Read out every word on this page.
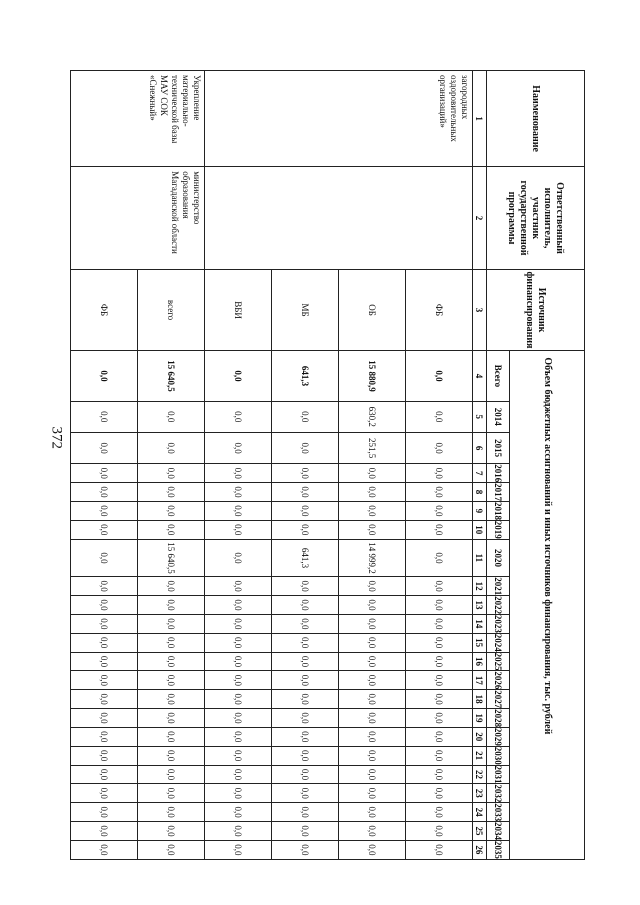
372
Наименование	Ответственный исполнитель, участник государственной программы	Источник финансирования	Объем бюджетных ассигнований и иных источников финансирования, тыс. рублей																						
			Всего	2014	2015	2016	2017	2018	2019	2020	2021	2022	2023	2024	2025	2026	2027	2028	2029	2030	2031	2032	2033	2034	2035
1	2	3	4	5	6	7	8	9	10	11	12	13	14	15	16	17	18	19	20	21	22	23	24	25	26
загородных оздоровительных организаций»		ФБ	0,0	0,0	0,0	0,0	0,0	0,0	0,0	0,0	0,0	0,0	0,0	0,0	0,0	0,0	0,0	0,0	0,0	0,0	0,0	0,0	0,0	0,0	0,0
		ОБ	15 880,9	630,2	251,5	0,0	0,0	0,0	0,0	14 999,2	0,0	0,0	0,0	0,0	0,0	0,0	0,0	0,0	0,0	0,0	0,0	0,0	0,0	0,0	0,0
		МБ	641,3	0,0	0,0	0,0	0,0	0,0	0,0	641,3	0,0	0,0	0,0	0,0	0,0	0,0	0,0	0,0	0,0	0,0	0,0	0,0	0,0	0,0	0,0
		ВБИ	0,0	0,0	0,0	0,0	0,0	0,0	0,0	0,0	0,0	0,0	0,0	0,0	0,0	0,0	0,0	0,0	0,0	0,0	0,0	0,0	0,0	0,0	0,0
Укрепление материально-технической базы МАУ СОК «Снежный»	министерство образования Магаданской области	всего	15 640,5	0,0	0,0	0,0	0,0	0,0	0,0	15 640,5	0,0	0,0	0,0	0,0	0,0	0,0	0,0	0,0	0,0	0,0	0,0	0,0	0,0	0,0	0,0
		ФБ	0,0	0,0	0,0	0,0	0,0	0,0	0,0	0,0	0,0	0,0	0,0	0,0	0,0	0,0	0,0	0,0	0,0	0,0	0,0	0,0	0,0	0,0	0,0
